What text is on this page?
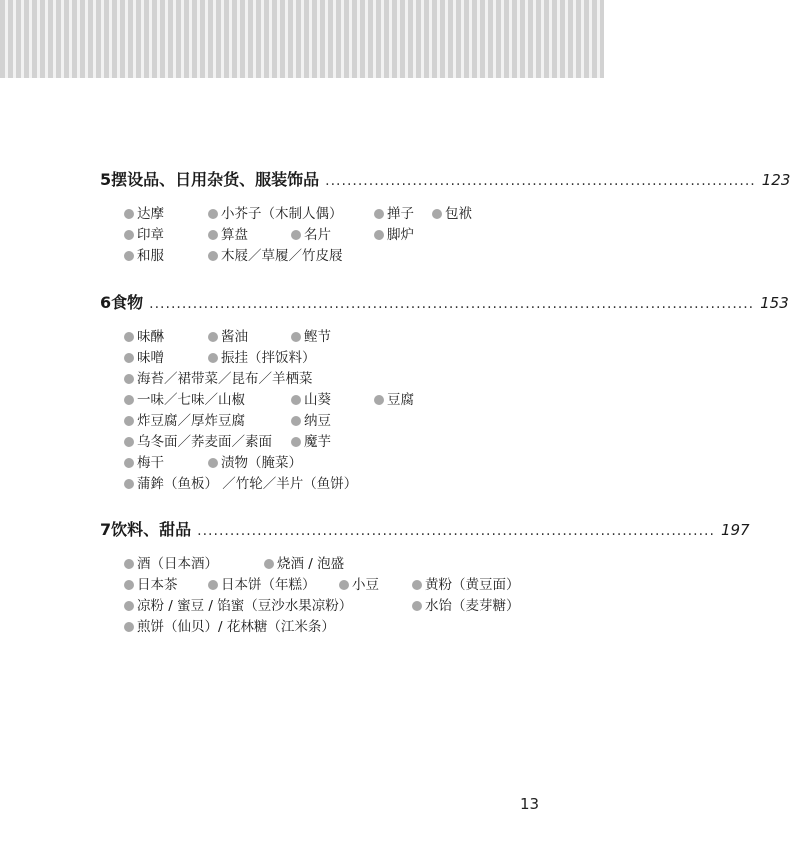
5 摆设品、日用杂货、服装饰品 ............................................................................... 123
达摩	小芥子（木制人偶）	掸子	包袱
印章	算盘	名片	脚炉
和服	木屐／草履／竹皮屐
6 食物 ............................................................................................................... 153
味醂	酱油	鲣节
味噌	振挂（拌饭料）
海苔／裙带菜／昆布／羊栖菜
一味／七味／山椒	山葵	豆腐
炸豆腐／厚炸豆腐	纳豆
乌冬面／荞麦面／素面	魔芋
梅干	渍物（腌菜）
蒲鉾（鱼板） ／竹轮／半片（鱼饼）
7 饮料、甜品 ............................................................................................... 197
酒（日本酒）	烧酒 / 泡盛
日本茶	日本饼（年糕）	小豆	黄粉（黄豆面）
凉粉 / 蜜豆 / 馅蜜（豆沙水果凉粉）	水饴（麦芽糖）
煎饼（仙贝）/ 花林糖（江米条）
13
